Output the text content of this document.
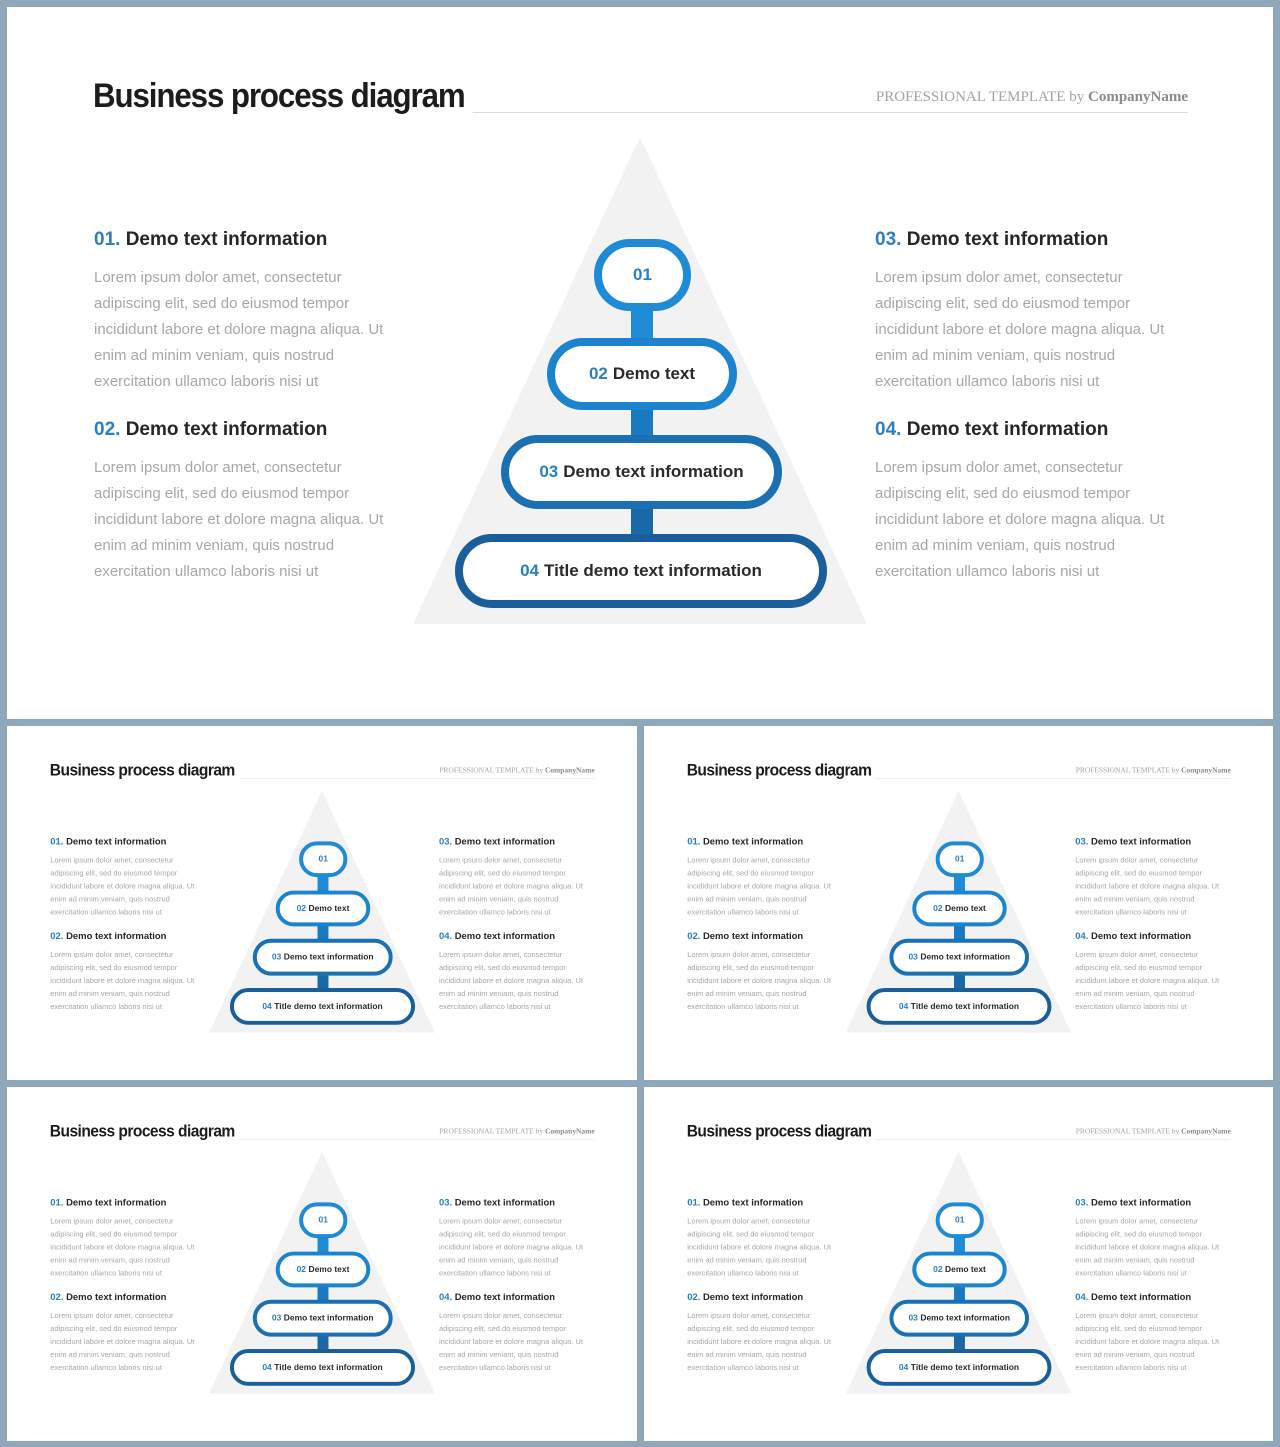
Business process diagram	PROFESSIONAL TEMPLATE by CompanyName
01. Demo text information
Lorem ipsum dolor amet, consectetur adipiscing elit, sed do eiusmod tempor incididunt labore et dolore magna aliqua. Ut enim ad minim veniam, quis nostrud exercitation ullamco laboris nisi ut
02. Demo text information
Lorem ipsum dolor amet, consectetur adipiscing elit, sed do eiusmod tempor incididunt labore et dolore magna aliqua. Ut enim ad minim veniam, quis nostrud exercitation ullamco laboris nisi ut
03. Demo text information
Lorem ipsum dolor amet, consectetur adipiscing elit, sed do eiusmod tempor incididunt labore et dolore magna aliqua. Ut enim ad minim veniam, quis nostrud exercitation ullamco laboris nisi ut
04. Demo text information
Lorem ipsum dolor amet, consectetur adipiscing elit, sed do eiusmod tempor incididunt labore et dolore magna aliqua. Ut enim ad minim veniam, quis nostrud exercitation ullamco laboris nisi ut
01
02 Demo text
03 Demo text information
04 Title demo text information
Business process diagram	PROFESSIONAL TEMPLATE by CompanyName
01. Demo text information
Lorem ipsum dolor amet, consectetur adipiscing elit, sed do eiusmod tempor incididunt labore et dolore magna aliqua. Ut enim ad minim veniam, quis nostrud exercitation ullamco laboris nisi ut
02. Demo text information
Lorem ipsum dolor amet, consectetur adipiscing elit, sed do eiusmod tempor incididunt labore et dolore magna aliqua. Ut enim ad minim veniam, quis nostrud exercitation ullamco laboris nisi ut
03. Demo text information
Lorem ipsum dolor amet, consectetur adipiscing elit, sed do eiusmod tempor incididunt labore et dolore magna aliqua. Ut enim ad minim veniam, quis nostrud exercitation ullamco laboris nisi ut
04. Demo text information
Lorem ipsum dolor amet, consectetur adipiscing elit, sed do eiusmod tempor incididunt labore et dolore magna aliqua. Ut enim ad minim veniam, quis nostrud exercitation ullamco laboris nisi ut
01
02 Demo text
03 Demo text information
04 Title demo text information
Business process diagram	PROFESSIONAL TEMPLATE by CompanyName
01. Demo text information
Lorem ipsum dolor amet, consectetur adipiscing elit, sed do eiusmod tempor incididunt labore et dolore magna aliqua. Ut enim ad minim veniam, quis nostrud exercitation ullamco laboris nisi ut
02. Demo text information
Lorem ipsum dolor amet, consectetur adipiscing elit, sed do eiusmod tempor incididunt labore et dolore magna aliqua. Ut enim ad minim veniam, quis nostrud exercitation ullamco laboris nisi ut
03. Demo text information
Lorem ipsum dolor amet, consectetur adipiscing elit, sed do eiusmod tempor incididunt labore et dolore magna aliqua. Ut enim ad minim veniam, quis nostrud exercitation ullamco laboris nisi ut
04. Demo text information
Lorem ipsum dolor amet, consectetur adipiscing elit, sed do eiusmod tempor incididunt labore et dolore magna aliqua. Ut enim ad minim veniam, quis nostrud exercitation ullamco laboris nisi ut
01
02 Demo text
03 Demo text information
04 Title demo text information
Business process diagram	PROFESSIONAL TEMPLATE by CompanyName
01. Demo text information
Lorem ipsum dolor amet, consectetur adipiscing elit, sed do eiusmod tempor incididunt labore et dolore magna aliqua. Ut enim ad minim veniam, quis nostrud exercitation ullamco laboris nisi ut
02. Demo text information
Lorem ipsum dolor amet, consectetur adipiscing elit, sed do eiusmod tempor incididunt labore et dolore magna aliqua. Ut enim ad minim veniam, quis nostrud exercitation ullamco laboris nisi ut
03. Demo text information
Lorem ipsum dolor amet, consectetur adipiscing elit, sed do eiusmod tempor incididunt labore et dolore magna aliqua. Ut enim ad minim veniam, quis nostrud exercitation ullamco laboris nisi ut
04. Demo text information
Lorem ipsum dolor amet, consectetur adipiscing elit, sed do eiusmod tempor incididunt labore et dolore magna aliqua. Ut enim ad minim veniam, quis nostrud exercitation ullamco laboris nisi ut
01
02 Demo text
03 Demo text information
04 Title demo text information
Business process diagram	PROFESSIONAL TEMPLATE by CompanyName
01. Demo text information
Lorem ipsum dolor amet, consectetur adipiscing elit, sed do eiusmod tempor incididunt labore et dolore magna aliqua. Ut enim ad minim veniam, quis nostrud exercitation ullamco laboris nisi ut
02. Demo text information
Lorem ipsum dolor amet, consectetur adipiscing elit, sed do eiusmod tempor incididunt labore et dolore magna aliqua. Ut enim ad minim veniam, quis nostrud exercitation ullamco laboris nisi ut
03. Demo text information
Lorem ipsum dolor amet, consectetur adipiscing elit, sed do eiusmod tempor incididunt labore et dolore magna aliqua. Ut enim ad minim veniam, quis nostrud exercitation ullamco laboris nisi ut
04. Demo text information
Lorem ipsum dolor amet, consectetur adipiscing elit, sed do eiusmod tempor incididunt labore et dolore magna aliqua. Ut enim ad minim veniam, quis nostrud exercitation ullamco laboris nisi ut
01
02 Demo text
03 Demo text information
04 Title demo text information
